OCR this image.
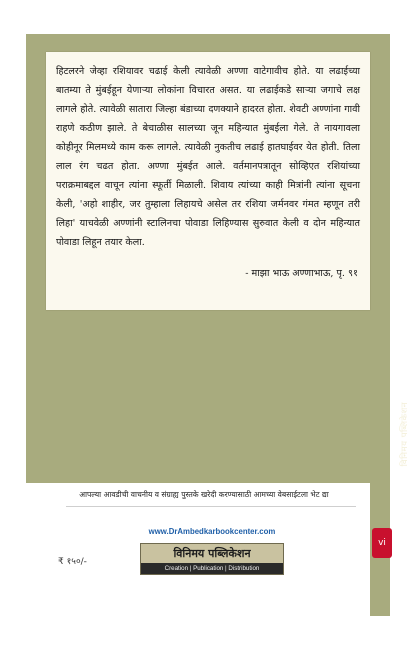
हिटलरने जेव्हा रशियावर चढाई केली त्यावेळी अण्णा वाटेगावीच होते. या लढाईच्या बातम्या ते मुंबईहून येणाऱ्या लोकांना विचारत असत. या लढाईकडे साऱ्या जगाचे लक्ष लागले होते. त्यावेळी सातारा जिल्हा बंडाच्या दणक्याने हादरत होता. शेवटी अण्णांना गावी राहणे कठीण झाले. ते बेचाळीस सालच्या जून महिन्यात मुंबईला गेले. ते नायगावला कोहीनूर मिलमध्ये काम करू लागले. त्यावेळी नुकतीच लढाई हातघाईवर येत होती. तिला लाल रंग चढत होता. अण्णा मुंबईत आले. वर्तमानपत्रातून सोव्हिएत रशियांच्या पराक्रमाबद्दल वाचून त्यांना स्फूर्ती मिळाली. शिवाय त्यांच्या काही मित्रांनी त्यांना सूचना केली, 'अहो शाहीर, जर तुम्हाला लिहायचे असेल तर रशिया जर्मनवर गंमत म्हणून तरी लिहा' याचवेळी अण्णांनी स्टालिनचा पोवाडा लिहिण्यास सुरुवात केली व दोन महिन्यात पोवाडा लिहून तयार केला.

- माझा भाऊ अण्णाभाऊ, पृ. ९१
विनिमय पब्लिकेशन
आपल्या आवडीची वाचनीय व संग्राह्य पुस्तके खरेदी करण्यासाठी आमच्या वेबसाईटला भेट द्या
www.DrAmbedkarbookcenter.com
₹ १५०/-
विनिमय पब्लिकेशन
Creation | Publication | Distribution
vi
